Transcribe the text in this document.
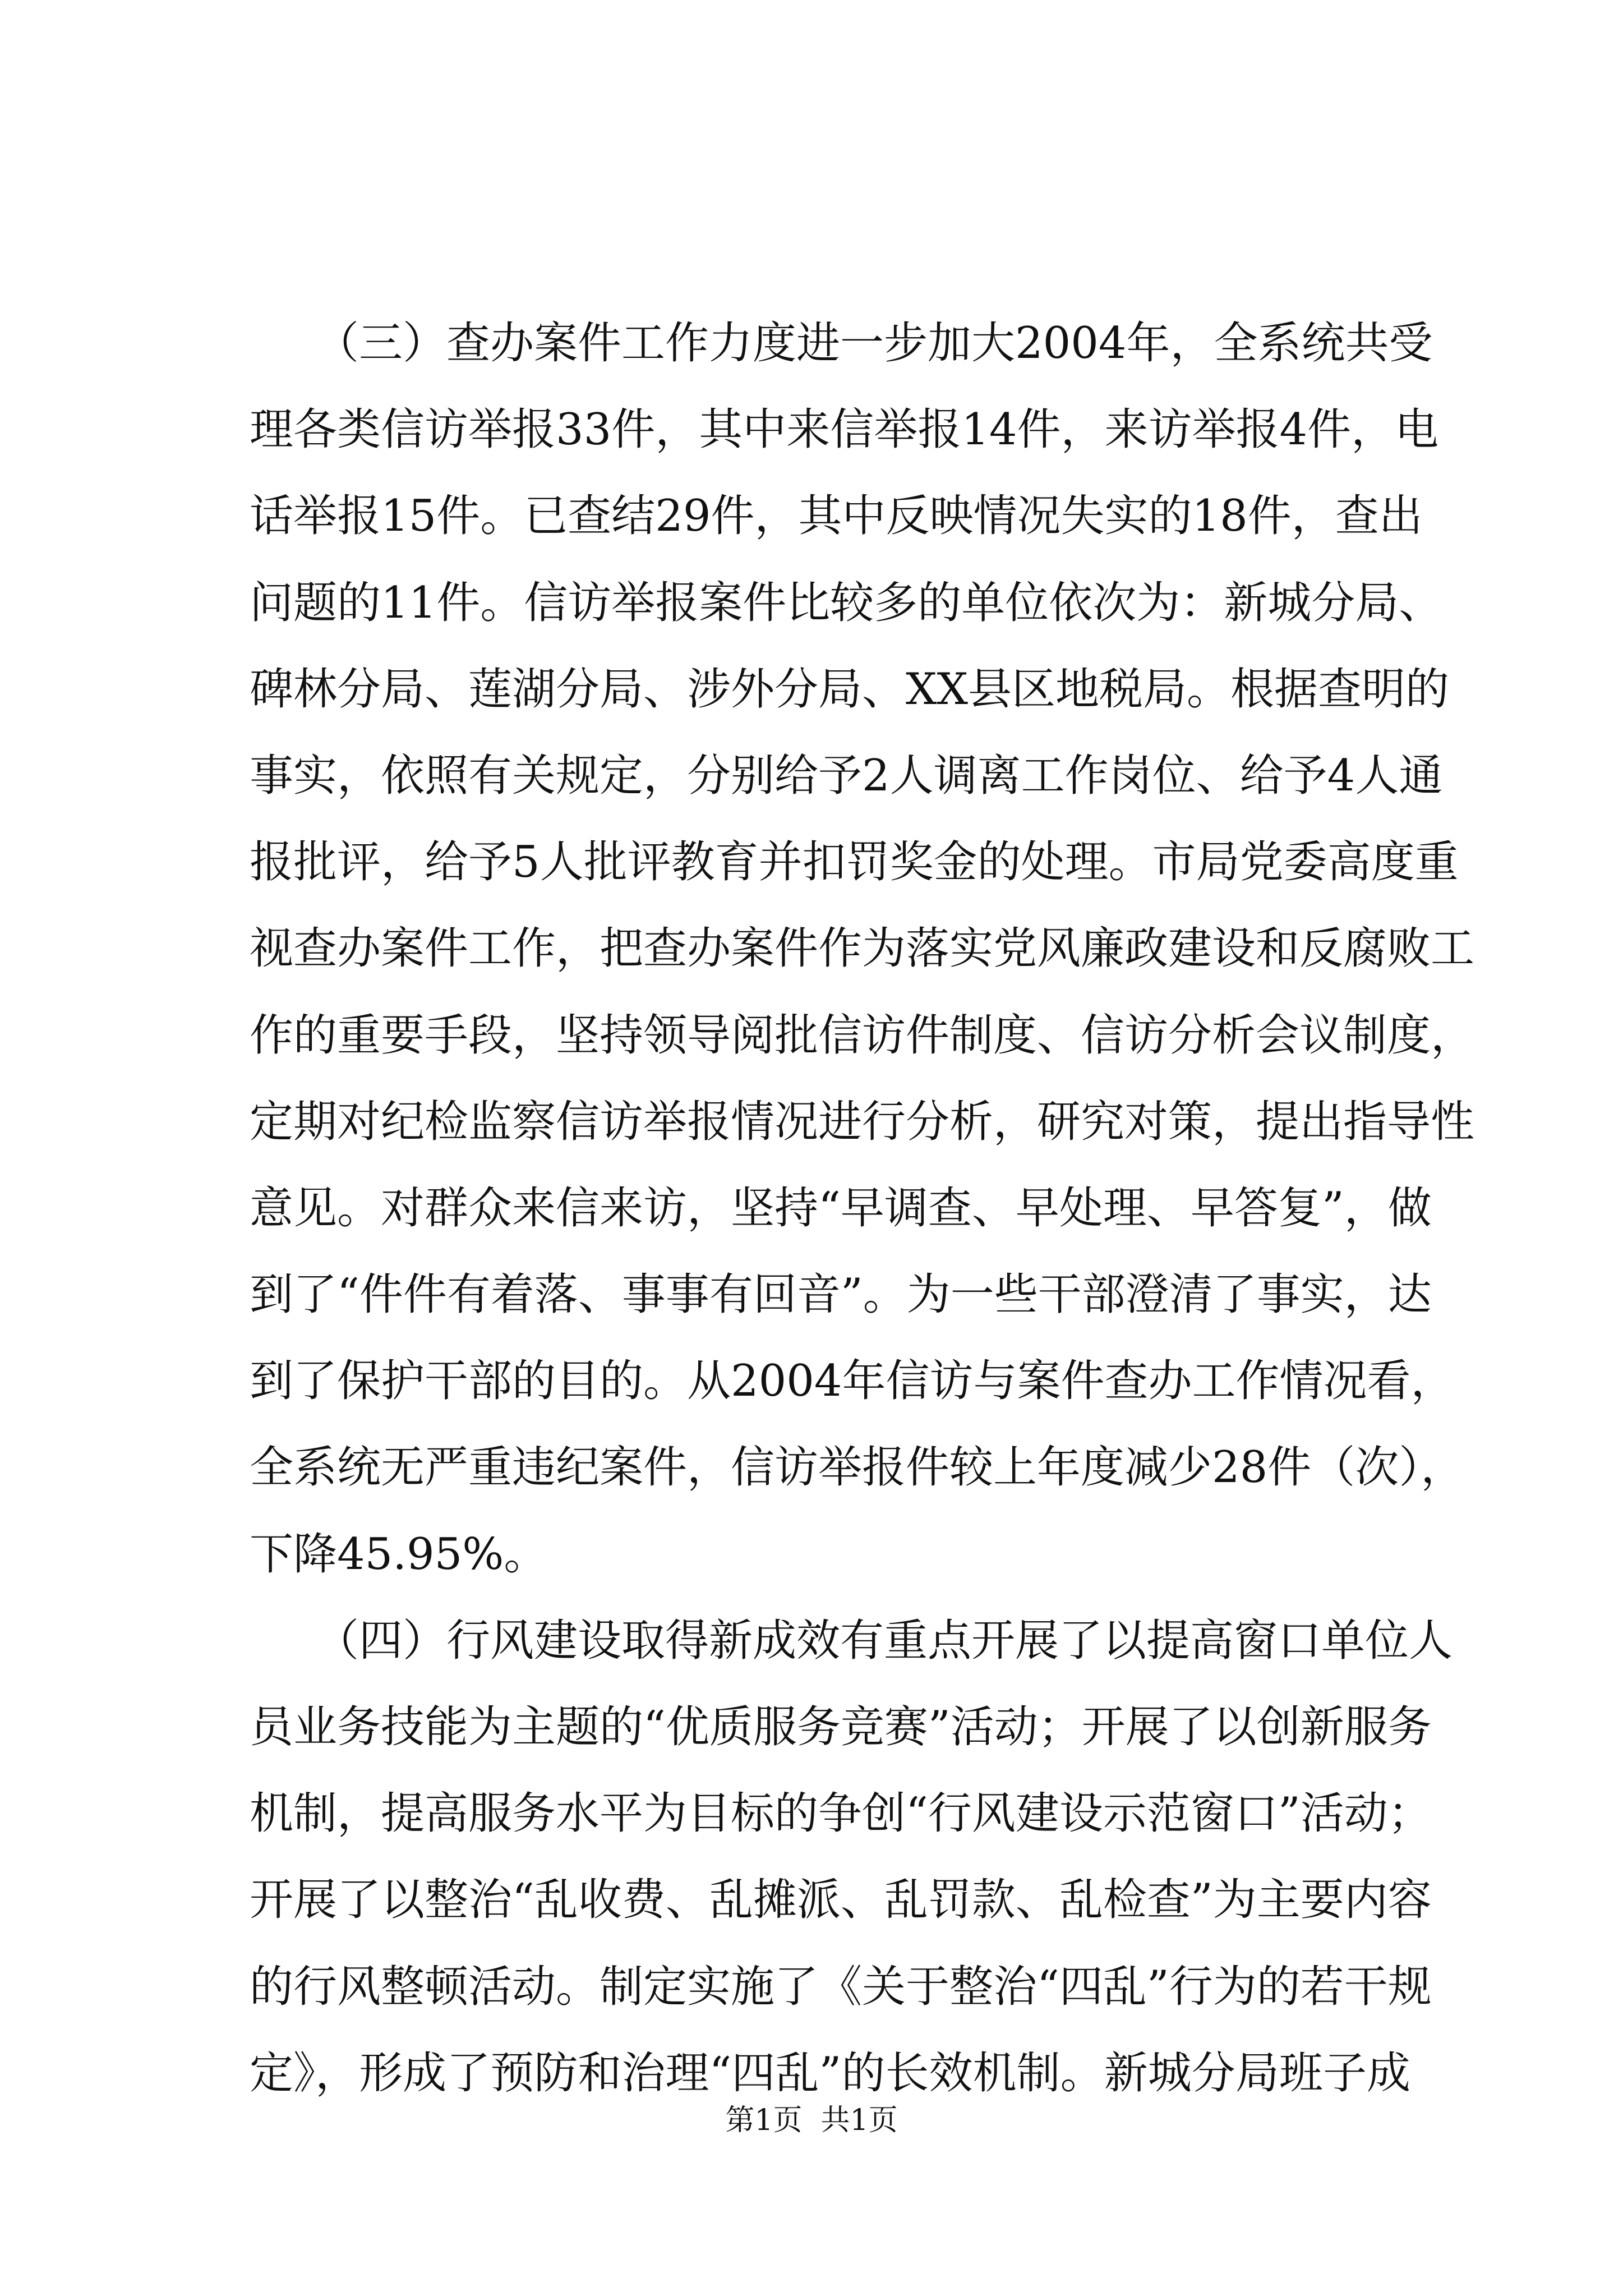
　　（三）查办案件工作力度进一步加大2004年，全系统共受
理各类信访举报33件，其中来信举报14件，来访举报4件，电
话举报15件。已查结29件，其中反映情况失实的18件，查出
问题的11件。信访举报案件比较多的单位依次为：新城分局、
碑林分局、莲湖分局、涉外分局、XX县区地税局。根据查明的
事实，依照有关规定，分别给予2人调离工作岗位、给予4人通
报批评，给予5人批评教育并扣罚奖金的处理。市局党委高度重
视查办案件工作，把查办案件作为落实党风廉政建设和反腐败工
作的重要手段，坚持领导阅批信访件制度、信访分析会议制度，
定期对纪检监察信访举报情况进行分析，研究对策，提出指导性
意见。对群众来信来访，坚持“早调查、早处理、早答复”，做
到了“件件有着落、事事有回音”。为一些干部澄清了事实，达
到了保护干部的目的。从2004年信访与案件查办工作情况看，
全系统无严重违纪案件，信访举报件较上年度减少28件（次），
下降45.95%。
　　（四）行风建设取得新成效有重点开展了以提高窗口单位人
员业务技能为主题的“优质服务竞赛”活动；开展了以创新服务
机制，提高服务水平为目标的争创“行风建设示范窗口”活动；
开展了以整治“乱收费、乱摊派、乱罚款、乱检查”为主要内容
的行风整顿活动。制定实施了《关于整治“四乱”行为的若干规
定》，形成了预防和治理“四乱”的长效机制。新城分局班子成
第1页  共1页
